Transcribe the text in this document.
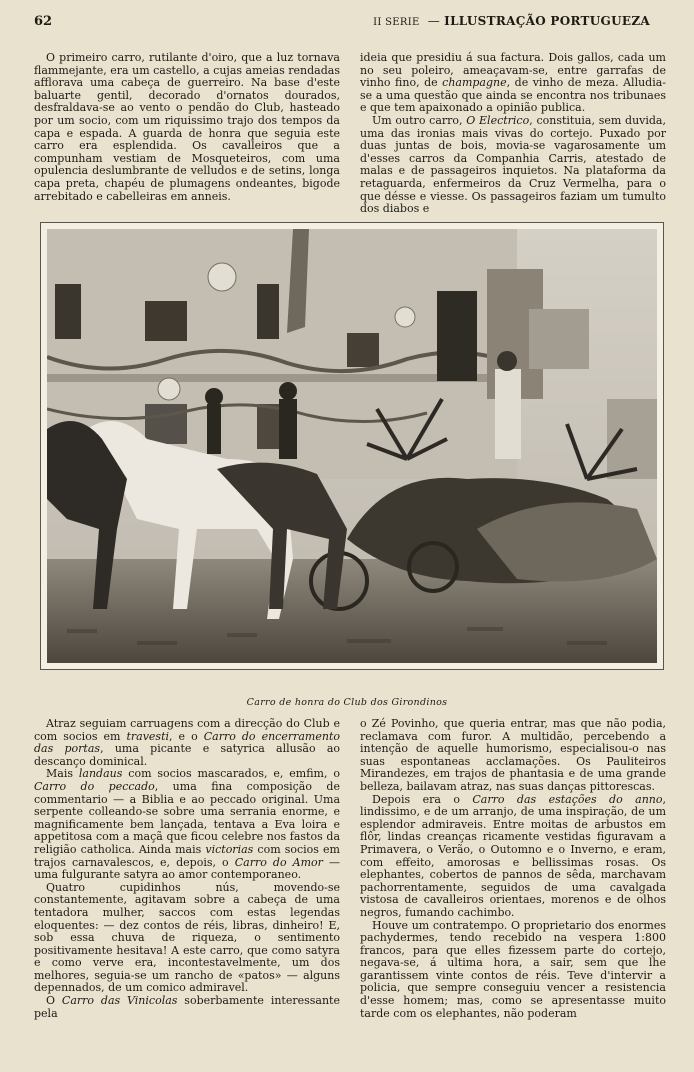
62	II SERIE — ILLUSTRAÇÃO PORTUGUEZA

O primeiro carro, rutilante d'oiro, que a luz tornava flammejante, era um castello, a cujas ameias rendadas afflorava uma cabeça de guerreiro. Na base d'este baluarte gentil, decorado d'ornatos dourados, desfraldava-se ao vento o pendão do Club, hasteado por um socio, com um riquissimo trajo dos tempos da capa e espada. A guarda de honra que seguia este carro era esplendida. Os cavalleiros que a compunham vestiam de Mosqueteiros, com uma opulencia deslumbrante de velludos e de setins, longa capa preta, chapéu de plumagens ondeantes, bigode arrebitado e cabelleiras em anneis.

ideia que presidiu á sua factura. Dois gallos, cada um no seu poleiro, ameaçavam-se, entre garrafas de vinho fino, de champagne, de vinho de meza. Alludia-se a uma questão que ainda se encontra nos tribunaes e que tem apaixonado a opinião publica.

Um outro carro, O Electrico, constituia, sem duvida, uma das ironias mais vivas do cortejo. Puxado por duas juntas de bois, movia-se vagarosamente um d'esses carros da Companhia Carris, atestado de malas e de passageiros inquietos. Na plataforma da retaguarda, enfermeiros da Cruz Vermelha, para o que désse e viesse. Os passageiros faziam um tumulto dos diabos e

Carro de honra do Club dos Girondinos

Atraz seguiam carruagens com a direcção do Club e com socios em travesti, e o Carro do encerramento das portas, uma picante e satyrica allusão ao descanço dominical.

Mais landaus com socios mascarados, e, emfim, o Carro do peccado, uma fina composição de commentario — a Biblia e ao peccado original. Uma serpente colleando-se sobre uma serrania enorme, e magnificamente bem lançada, tentava a Eva loira e appetitosa com a maçã que ficou celebre nos fastos da religião catholica. Ainda mais victorias com socios em trajos carnavalescos, e, depois, o Carro do Amor — uma fulgurante satyra ao amor contemporaneo.

Quatro cupidinhos nús, movendo-se constantemente, agitavam sobre a cabeça de uma tentadora mulher, saccos com estas legendas eloquentes: — dez contos de réis, libras, dinheiro! E, sob essa chuva de riqueza, o sentimento positivamente hesitava! A este carro, que como satyra e como verve era, incontestavelmente, um dos melhores, seguia-se um rancho de «patos» — alguns depennados, de um comico admiravel.

O Carro das Vinicolas soberbamente interessante pela

o Zé Povinho, que queria entrar, mas que não podia, reclamava com furor. A multidão, percebendo a intenção de aquelle humorismo, especialisou-o nas suas espontaneas acclamações. Os Pauliteiros Mirandezes, em trajos de phantasia e de uma grande belleza, bailavam atraz, nas suas danças pittorescas.

Depois era o Carro das estações do anno, lindissimo, e de um arranjo, de uma inspiração, de um esplendor admiraveis. Entre moitas de arbustos em flôr, lindas creanças ricamente vestidas figuravam a Primavera, o Verão, o Outomno e o Inverno, e eram, com effeito, amorosas e bellissimas rosas. Os elephantes, cobertos de pannos de sêda, marchavam pachorrentamente, seguidos de uma cavalgada vistosa de cavalleiros orientaes, morenos e de olhos negros, fumando cachimbo.

Houve um contratempo. O proprietario dos enormes pachydermes, tendo recebido na vespera 1:800 francos, para que elles fizessem parte do cortejo, negava-se, á ultima hora, a sair, sem que lhe garantissem vinte contos de réis. Teve d'intervir a policia, que sempre conseguiu vencer a resistencia d'esse homem; mas, como se apresentasse muito tarde com os elephantes, não poderam
